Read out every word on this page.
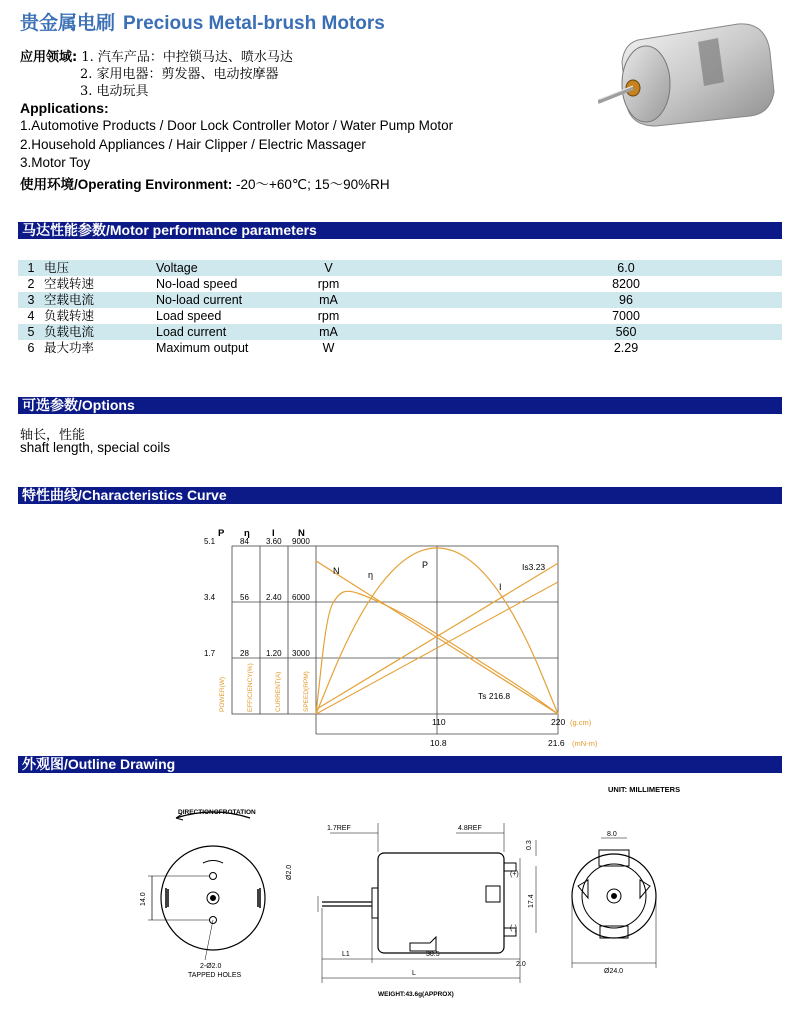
贵金属电刷 Precious Metal-brush Motors
应用领域: 1. 汽车产品：中控锁马达、喷水马达
2. 家用电器：剪发器、电动按摩器
3. 电动玩具
Applications:
1.Automotive Products / Door Lock Controller Motor / Water Pump Motor
2.Household Appliances / Hair Clipper / Electric Massager
3.Motor Toy
使用环境/Operating Environment: -20～+60℃; 15～90%RH
马达性能参数/Motor performance parameters
1	电压	Voltage	V		6.0	
2	空载转速	No-load speed	rpm		8200	
3	空载电流	No-load current	mA		96	
4	负载转速	Load speed	rpm		7000	
5	负载电流	Load current	mA		560	
6	最大功率	Maximum output	W		2.29	
可选参数/Options
轴长，性能
shaft length, special coils
特性曲线/Characteristics Curve
P η I N
5.1
3.4
1.7
84
56
28
3.60
2.40
1.20
9000
6000
3000
POWER(W)	EFFICIENCY(%)	CURRENT(A)	SPEED(RPM)
110	220 (g.cm)
10.8	21.6 (mN-m)
N	η
P
I
Is3.23
Ts 216.8
外观图/Outline Drawing
UNIT: MILLIMETERS
DIRECTIONOFROTATION
2-Ø2.0
TAPPED HOLES
14.0
1.7REF	4.8REF
Ø2.0
L1	30.5
2.0
L
0.3
(+)
17.4
(-)
8.0
Ø24.0
WEIGHT:43.6g(APPROX)
